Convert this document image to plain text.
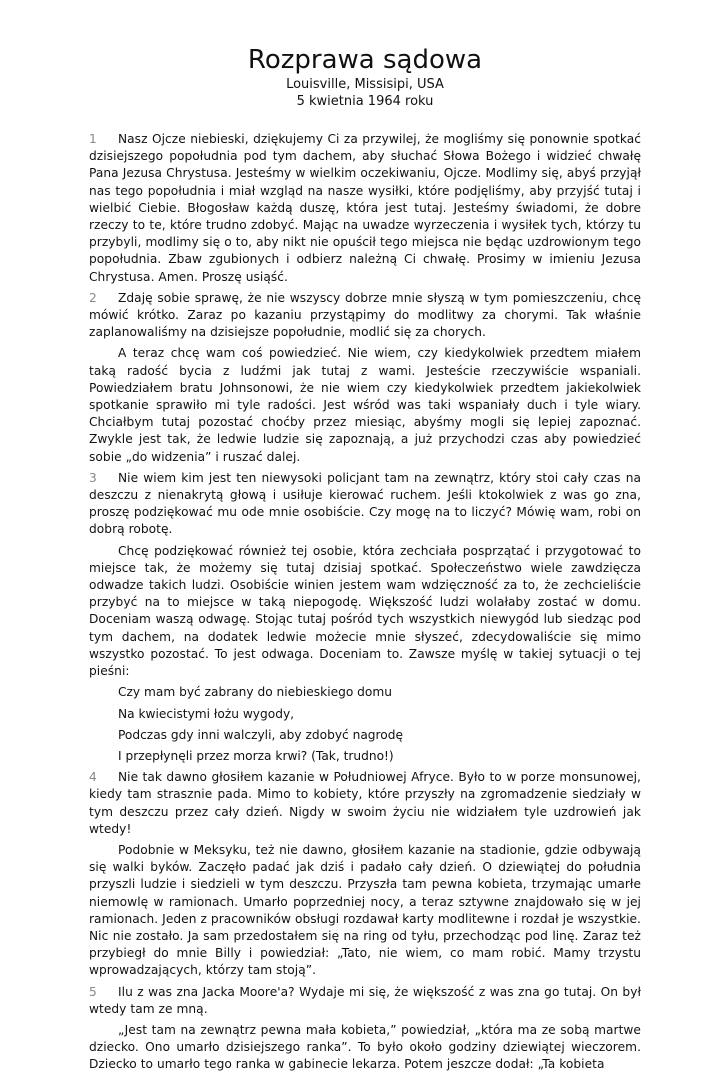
Rozprawa sądowa

Louisville, Missisipi, USA

5 kwietnia 1964 roku

1 Nasz Ojcze niebieski, dziękujemy Ci za przywilej, że mogliśmy się ponownie spotkać dzisiejszego popołudnia pod tym dachem, aby słuchać Słowa Bożego i widzieć chwałę Pana Jezusa Chrystusa. Jesteśmy w wielkim oczekiwaniu, Ojcze. Modlimy się, abyś przyjął nas tego popołudnia i miał wzgląd na nasze wysiłki, które podjęliśmy, aby przyjść tutaj i wielbić Ciebie. Błogosław każdą duszę, która jest tutaj. Jesteśmy świadomi, że dobre rzeczy to te, które trudno zdobyć. Mając na uwadze wyrzeczenia i wysiłek tych, którzy tu przybyli, modlimy się o to, aby nikt nie opuścił tego miejsca nie będąc uzdrowionym tego popołudnia. Zbaw zgubionych i odbierz należną Ci chwałę. Prosimy w imieniu Jezusa Chrystusa. Amen. Proszę usiąść.

2 Zdaję sobie sprawę, że nie wszyscy dobrze mnie słyszą w tym pomieszczeniu, chcę mówić krótko. Zaraz po kazaniu przystąpimy do modlitwy za chorymi. Tak właśnie zaplanowaliśmy na dzisiejsze popołudnie, modlić się za chorych.

A teraz chcę wam coś powiedzieć. Nie wiem, czy kiedykolwiek przedtem miałem taką radość bycia z ludźmi jak tutaj z wami. Jesteście rzeczywiście wspaniali. Powiedziałem bratu Johnsonowi, że nie wiem czy kiedykolwiek przedtem jakiekolwiek spotkanie sprawiło mi tyle radości. Jest wśród was taki wspaniały duch i tyle wiary. Chciałbym tutaj pozostać choćby przez miesiąc, abyśmy mogli się lepiej zapoznać. Zwykle jest tak, że ledwie ludzie się zapoznają, a już przychodzi czas aby powiedzieć sobie „do widzenia” i ruszać dalej.

3 Nie wiem kim jest ten niewysoki policjant tam na zewnątrz, który stoi cały czas na deszczu z nienakrytą głową i usiłuje kierować ruchem. Jeśli ktokolwiek z was go zna, proszę podziękować mu ode mnie osobiście. Czy mogę na to liczyć? Mówię wam, robi on dobrą robotę.

Chcę podziękować również tej osobie, która zechciała posprzątać i przygotować to miejsce tak, że możemy się tutaj dzisiaj spotkać. Społeczeństwo wiele zawdzięcza odwadze takich ludzi. Osobiście winien jestem wam wdzięczność za to, że zechcieliście przybyć na to miejsce w taką niepogodę. Większość ludzi wolałaby zostać w domu. Doceniam waszą odwagę. Stojąc tutaj pośród tych wszystkich niewygód lub siedząc pod tym dachem, na dodatek ledwie możecie mnie słyszeć, zdecydowaliście się mimo wszystko pozostać. To jest odwaga. Doceniam to. Zawsze myślę w takiej sytuacji o tej pieśni:

Czy mam być zabrany do niebieskiego domu

Na kwiecistymi łożu wygody,

Podczas gdy inni walczyli, aby zdobyć nagrodę

I przepłynęli przez morza krwi? (Tak, trudno!)

4 Nie tak dawno głosiłem kazanie w Południowej Afryce. Było to w porze monsunowej, kiedy tam strasznie pada. Mimo to kobiety, które przyszły na zgromadzenie siedziały w tym deszczu przez cały dzień. Nigdy w swoim życiu nie widziałem tyle uzdrowień jak wtedy!

Podobnie w Meksyku, też nie dawno, głosiłem kazanie na stadionie, gdzie odbywają się walki byków. Zaczęło padać jak dziś i padało cały dzień. O dziewiątej do południa przyszli ludzie i siedzieli w tym deszczu. Przyszła tam pewna kobieta, trzymając umarłe niemowlę w ramionach. Umarło poprzedniej nocy, a teraz sztywne znajdowało się w jej ramionach. Jeden z pracowników obsługi rozdawał karty modlitewne i rozdał je wszystkie. Nic nie zostało. Ja sam przedostałem się na ring od tyłu, przechodząc pod linę. Zaraz też przybiegł do mnie Billy i powiedział: „Tato, nie wiem, co mam robić. Mamy trzystu wprowadzających, którzy tam stoją”.

5 Ilu z was zna Jacka Moore'a? Wydaje mi się, że większość z was zna go tutaj. On był wtedy tam ze mną.

„Jest tam na zewnątrz pewna mała kobieta,” powiedział, „która ma ze sobą martwe dziecko. Ono umarło dzisiejszego ranka”. To było około godziny dziewiątej wieczorem. Dziecko to umarło tego ranka w gabinecie lekarza. Potem jeszcze dodał: „Ta kobieta
